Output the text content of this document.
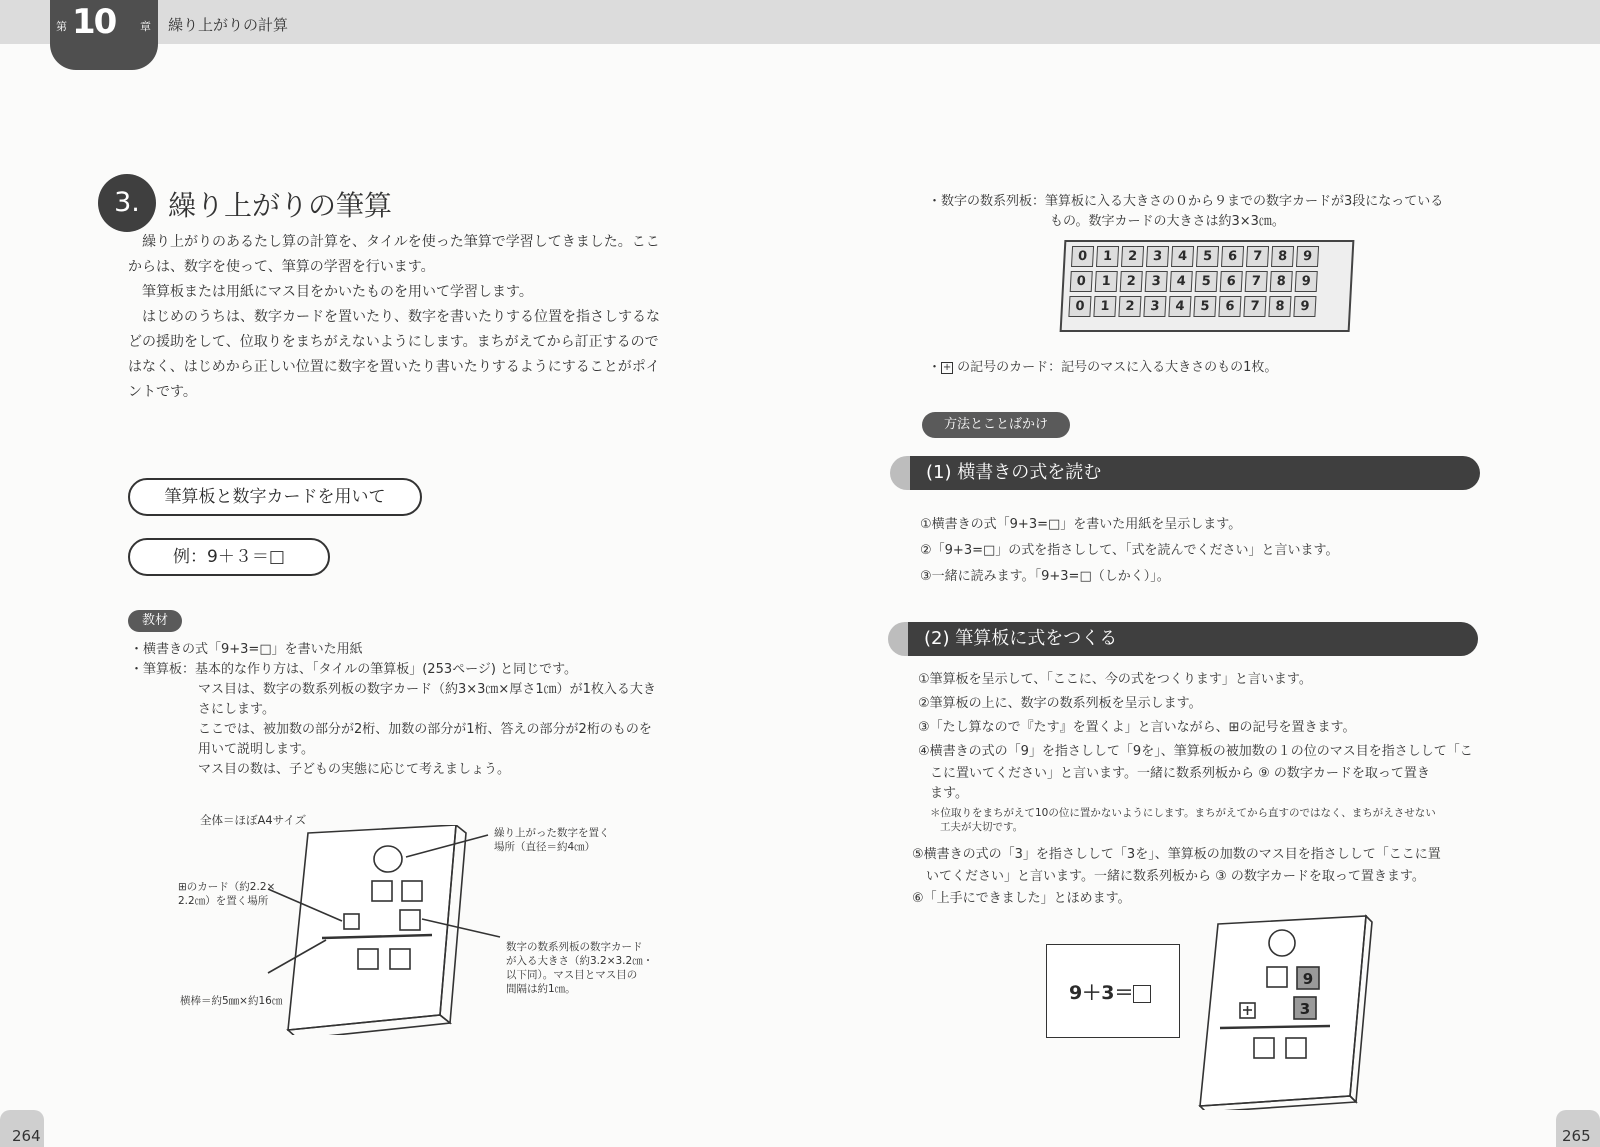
第 10 章 繰り上がりの計算
3.	繰り上がりの筆算
繰り上がりのあるたし算の計算を、タイルを使った筆算で学習してきました。ここ
からは、数字を使って、筆算の学習を行います。
筆算板または用紙にマス目をかいたものを用いて学習します。
はじめのうちは、数字カードを置いたり、数字を書いたりする位置を指さしするな
どの援助をして、位取りをまちがえないようにします。まちがえてから訂正するので
はなく、はじめから正しい位置に数字を置いたり書いたりするようにすることがポイ
ントです。
筆算板と数字カードを用いて
例：9＋３＝□
教材
・横書きの式「9+3=□」を書いた用紙
・筆算板：基本的な作り方は、「タイルの筆算板」(253ページ) と同じです。
マス目は、数字の数系列板の数字カード（約3×3㎝×厚さ1㎝）が1枚入る大き
さにします。
ここでは、被加数の部分が2桁、加数の部分が1桁、答えの部分が2桁のものを
用いて説明します。
マス目の数は、子どもの実態に応じて考えましょう。
全体＝ほぼA4サイズ
繰り上がった数字を置く
場所（直径＝約4㎝）
⊞のカード（約2.2×
2.2㎝）を置く場所
数字の数系列板の数字カード
が入る大きさ（約3.2×3.2㎝・
以下同）。マス目とマス目の
間隔は約1㎝。
横棒＝約5㎜×約16㎝
264
・数字の数系列板：筆算板に入る大きさの０から９までの数字カードが3段になっている
もの。数字カードの大きさは約3×3㎝。
0	1	2	3	4	5	6	7	8	9
0	1	2	3	4	5	6	7	8	9
0	1	2	3	4	5	6	7	8	9
・ + の記号のカード：記号のマスに入る大きさのもの1枚。
方法とことばかけ
(1) 横書きの式を読む
①横書きの式「9+3=□」を書いた用紙を呈示します。
②「9+3=□」の式を指さしして、「式を読んでください」と言います。
③一緒に読みます。「9+3=□（しかく）」。
(2) 筆算板に式をつくる
①筆算板を呈示して、「ここに、今の式をつくります」と言います。
②筆算板の上に、数字の数系列板を呈示します。
③「たし算なので『たす』を置くよ」と言いながら、⊞の記号を置きます。
④横書きの式の「9」を指さしして「9を」、筆算板の被加数の１の位のマス目を指さしして「こ
こに置いてください」と言います。一緒に数系列板から ⑨ の数字カードを取って置き
ます。
＊位取りをまちがえて10の位に置かないようにします。まちがえてから直すのではなく、まちがえさせない
工夫が大切です。
⑤横書きの式の「3」を指さしして「3を」、筆算板の加数のマス目を指さしして「ここに置
いてください」と言います。一緒に数系列板から ③ の数字カードを取って置きます。
⑥「上手にできました」とほめます。
9＋3＝
9
3
265
